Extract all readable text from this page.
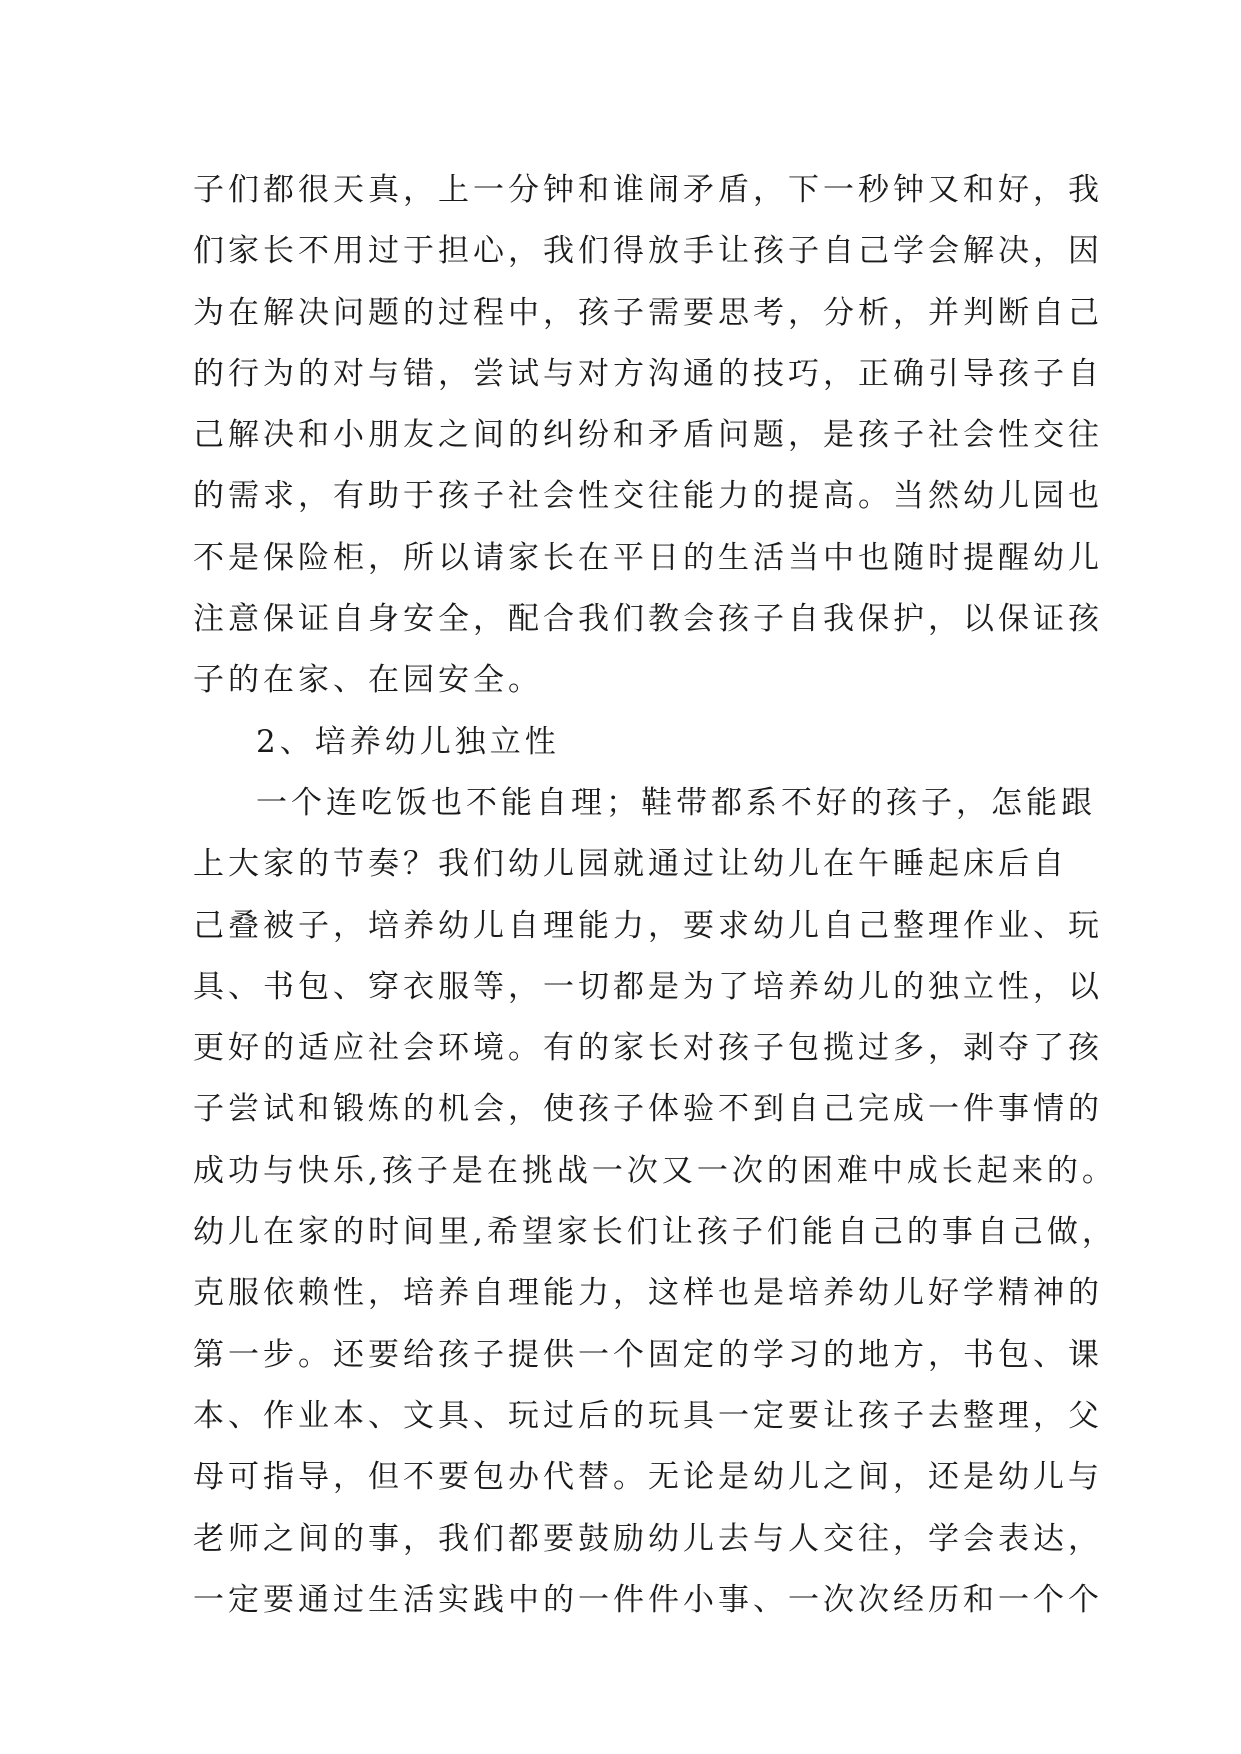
子们都很天真，上一分钟和谁闹矛盾，下一秒钟又和好，我
们家长不用过于担心，我们得放手让孩子自己学会解决，因
为在解决问题的过程中，孩子需要思考，分析，并判断自己
的行为的对与错，尝试与对方沟通的技巧，正确引导孩子自
己解决和小朋友之间的纠纷和矛盾问题，是孩子社会性交往
的需求，有助于孩子社会性交往能力的提高。当然幼儿园也
不是保险柜，所以请家长在平日的生活当中也随时提醒幼儿
注意保证自身安全，配合我们教会孩子自我保护，以保证孩
子的在家、在园安全。
2、培养幼儿独立性
一个连吃饭也不能自理；鞋带都系不好的孩子，怎能跟
上大家的节奏？我们幼儿园就通过让幼儿在午睡起床后自
己叠被子，培养幼儿自理能力，要求幼儿自己整理作业、玩
具、书包、穿衣服等，一切都是为了培养幼儿的独立性，以
更好的适应社会环境。有的家长对孩子包揽过多，剥夺了孩
子尝试和锻炼的机会，使孩子体验不到自己完成一件事情的
成功与快乐,孩子是在挑战一次又一次的困难中成长起来的。
幼儿在家的时间里,希望家长们让孩子们能自己的事自己做，
克服依赖性，培养自理能力，这样也是培养幼儿好学精神的
第一步。还要给孩子提供一个固定的学习的地方，书包、课
本、作业本、文具、玩过后的玩具一定要让孩子去整理，父
母可指导，但不要包办代替。无论是幼儿之间，还是幼儿与
老师之间的事，我们都要鼓励幼儿去与人交往，学会表达，
一定要通过生活实践中的一件件小事、一次次经历和一个个
